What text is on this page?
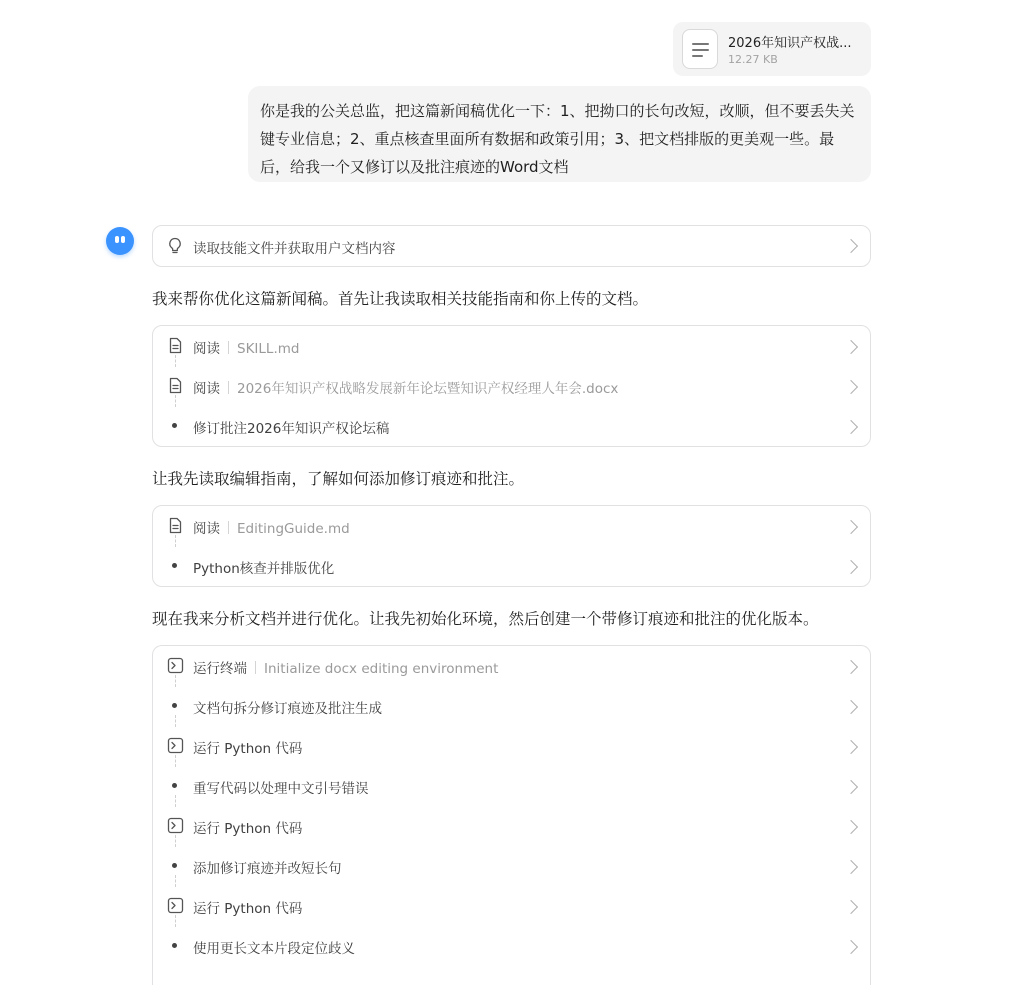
2026年知识产权战...
12.27 KB
你是我的公关总监，把这篇新闻稿优化一下：1、把拗口的长句改短，改顺，但不要丢失关键专业信息；2、重点核查里面所有数据和政策引用；3、把文档排版的更美观一些。最后，给我一个又修订以及批注痕迹的Word文档
读取技能文件并获取用户文档内容
我来帮你优化这篇新闻稿。首先让我读取相关技能指南和你上传的文档。
阅读 SKILL.md
阅读 2026年知识产权战略发展新年论坛暨知识产权经理人年会.docx
修订批注2026年知识产权论坛稿
让我先读取编辑指南，了解如何添加修订痕迹和批注。
阅读 EditingGuide.md
Python核查并排版优化
现在我来分析文档并进行优化。让我先初始化环境，然后创建一个带修订痕迹和批注的优化版本。
运行终端 Initialize docx editing environment
文档句拆分修订痕迹及批注生成
运行 Python 代码
重写代码以处理中文引号错误
运行 Python 代码
添加修订痕迹并改短长句
运行 Python 代码
使用更长文本片段定位歧义
